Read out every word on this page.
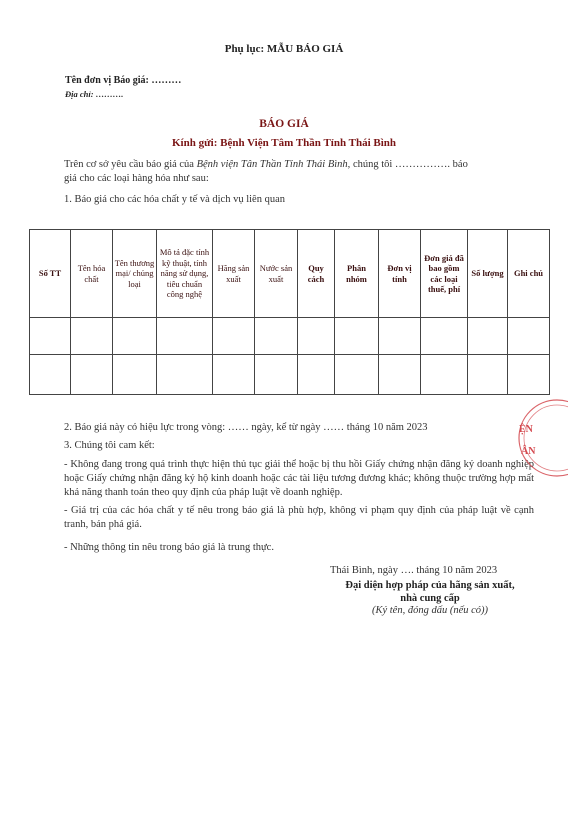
Phụ lục: MẪU BÁO GIÁ
Tên đơn vị Báo giá: ………
Địa chỉ: ……….
BÁO GIÁ
Kính gửi: Bệnh Viện Tâm Thần Tỉnh Thái Bình
Trên cơ sở yêu cầu báo giá của Bệnh viện Tân Thần Tỉnh Thái Bình, chúng tôi ……………. báo
giá cho các loại hàng hóa như sau:
1. Báo giá cho các hóa chất y tế và dịch vụ liên quan
Số TT	Tên hóa chất	Tên thương mại/ chủng loại	Mô tả đặc tính kỹ thuật, tính năng sử dụng, tiêu chuẩn công nghệ	Hãng sản xuất	Nước sản xuất	Quy cách	Phân nhóm	Đơn vị tính	Đơn giá đã bao gồm các loại thuế, phí	Số lượng	Ghi chú

2. Báo giá này có hiệu lực trong vòng: …… ngày, kể từ ngày …… tháng 10 năm 2023
3. Chúng tôi cam kết:
- Không đang trong quá trình thực hiện thủ tục giải thể hoặc bị thu hồi Giấy chứng nhận đăng ký doanh nghiệp hoặc Giấy chứng nhận đăng ký hộ kinh doanh hoặc các tài liệu tương đương khác; không thuộc trường hợp mất khả năng thanh toán theo quy định của pháp luật về doanh nghiệp.
- Giá trị của các hóa chất y tế nêu trong báo giá là phù hợp, không vi phạm quy định của pháp luật về cạnh tranh, bán phá giá.
- Những thông tin nêu trong báo giá là trung thực.
Thái Bình, ngày …. tháng 10 năm 2023
Đại diện hợp pháp của hãng sản xuất,
nhà cung cấp
(Ký tên, đóng dấu (nếu có))
ỆN
ÂN
